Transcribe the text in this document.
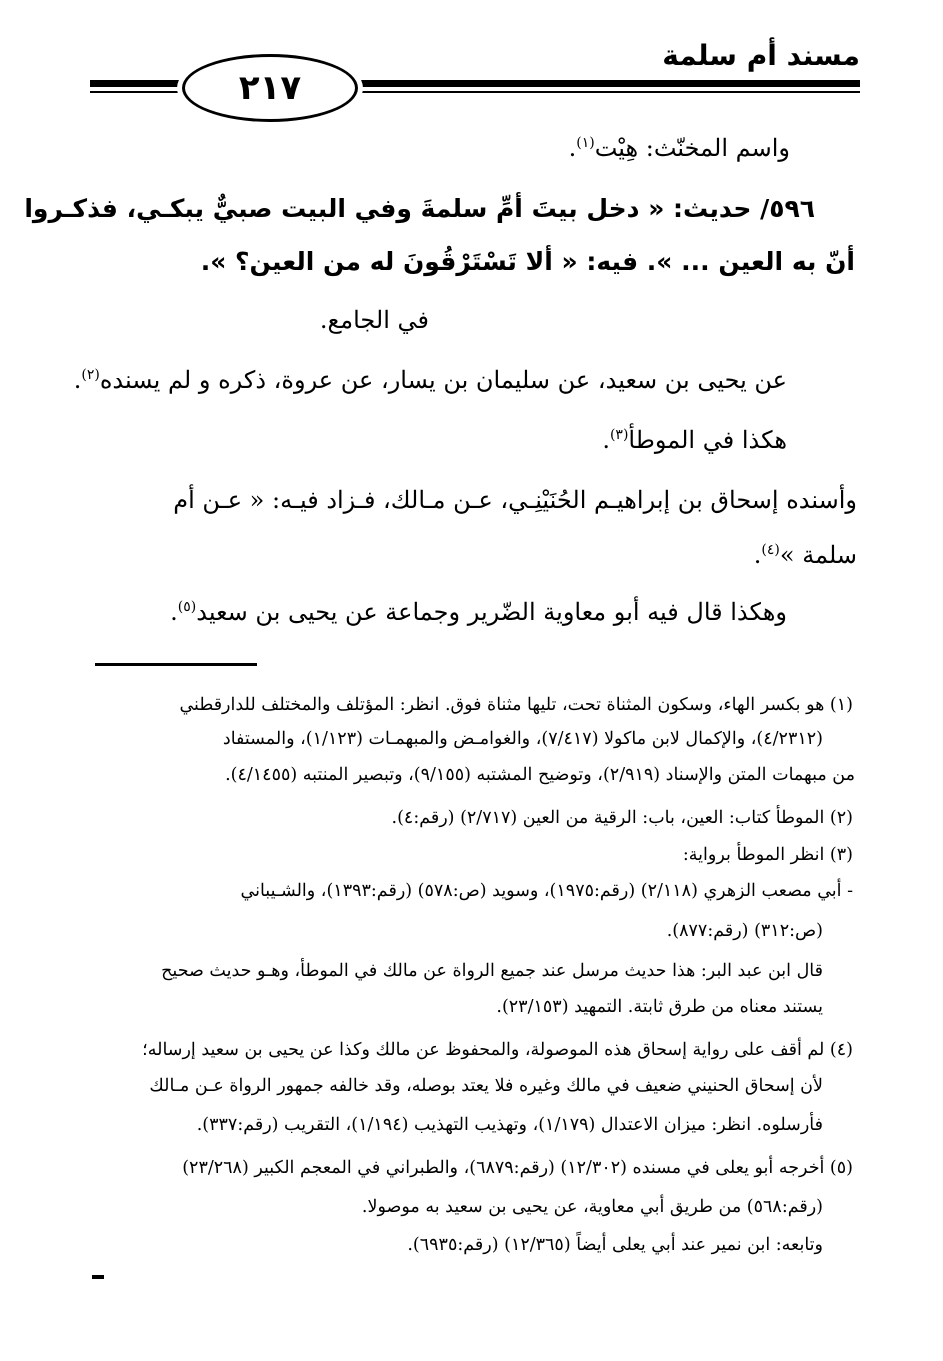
مسند أم سلمة
٢١٧
واسم المخنّث: هِيْت$^{(١)}$.
٥٩٦/ حديث: « دخل بيتَ أمِّ سلمةَ وفي البيت صبيٌّ يبكـي، فذكـروا
أنّ به العين ... ». فيه: « ألا تَسْتَرْقُونَ له من العين؟ ».
في الجامع.
عن يحيى بن سعيد، عن سليمان بن يسار، عن عروة، ذكره و لم يسنده$^{(٢)}$.
هكذا في الموطأ$^{(٣)}$.
وأسنده إسحاق بن إبراهيـم الحُنَيْنِـي، عـن مـالك، فـزاد فيـه: « عـن أم
سلمة »$^{(٤)}$.
وهكذا قال فيه أبو معاوية الضّرير وجماعة عن يحيى بن سعيد$^{(٥)}$.
(١) هو بكسر الهاء، وسكون المثناة تحت، تليها مثناة فوق. انظر: المؤتلف والمختلف للدارقطني
(٤/٢٣١٢)، والإكمال لابن ماكولا (٧/٤١٧)، والغوامـض والمبهمـات (١/١٢٣)، والمستفاد
من مبهمات المتن والإسناد (٢/٩١٩)، وتوضيح المشتبه (٩/١٥٥)، وتبصير المنتبه (٤/١٤٥٥).
(٢) الموطأ كتاب: العين، باب: الرقية من العين (٢/٧١٧) (رقم:٤).
(٣) انظر الموطأ برواية:
- أبي مصعب الزهري (٢/١١٨) (رقم:١٩٧٥)، وسويد (ص:٥٧٨) (رقم:١٣٩٣)، والشـيباني
(ص:٣١٢) (رقم:٨٧٧).
قال ابن عبد البر: هذا حديث مرسل عند جميع الرواة عن مالك في الموطأ، وهـو حديث صحيح
يستند معناه من طرق ثابتة. التمهيد (٢٣/١٥٣).
(٤) لم أقف على رواية إسحاق هذه الموصولة، والمحفوظ عن مالك وكذا عن يحيى بن سعيد إرساله؛
لأن إسحاق الحنيني ضعيف في مالك وغيره فلا يعتد بوصله، وقد خالفه جمهور الرواة عـن مـالك
فأرسلوه. انظر: ميزان الاعتدال (١/١٧٩)، وتهذيب التهذيب (١/١٩٤)، التقريب (رقم:٣٣٧).
(٥) أخرجه أبو يعلى في مسنده (١٢/٣٠٢) (رقم:٦٨٧٩)، والطبراني في المعجم الكبير (٢٣/٢٦٨)
(رقم:٥٦٨) من طريق أبي معاوية، عن يحيى بن سعيد به موصولا.
وتابعه: ابن نمير عند أبي يعلى أيضاً (١٢/٣٦٥) (رقم:٦٩٣٥).
